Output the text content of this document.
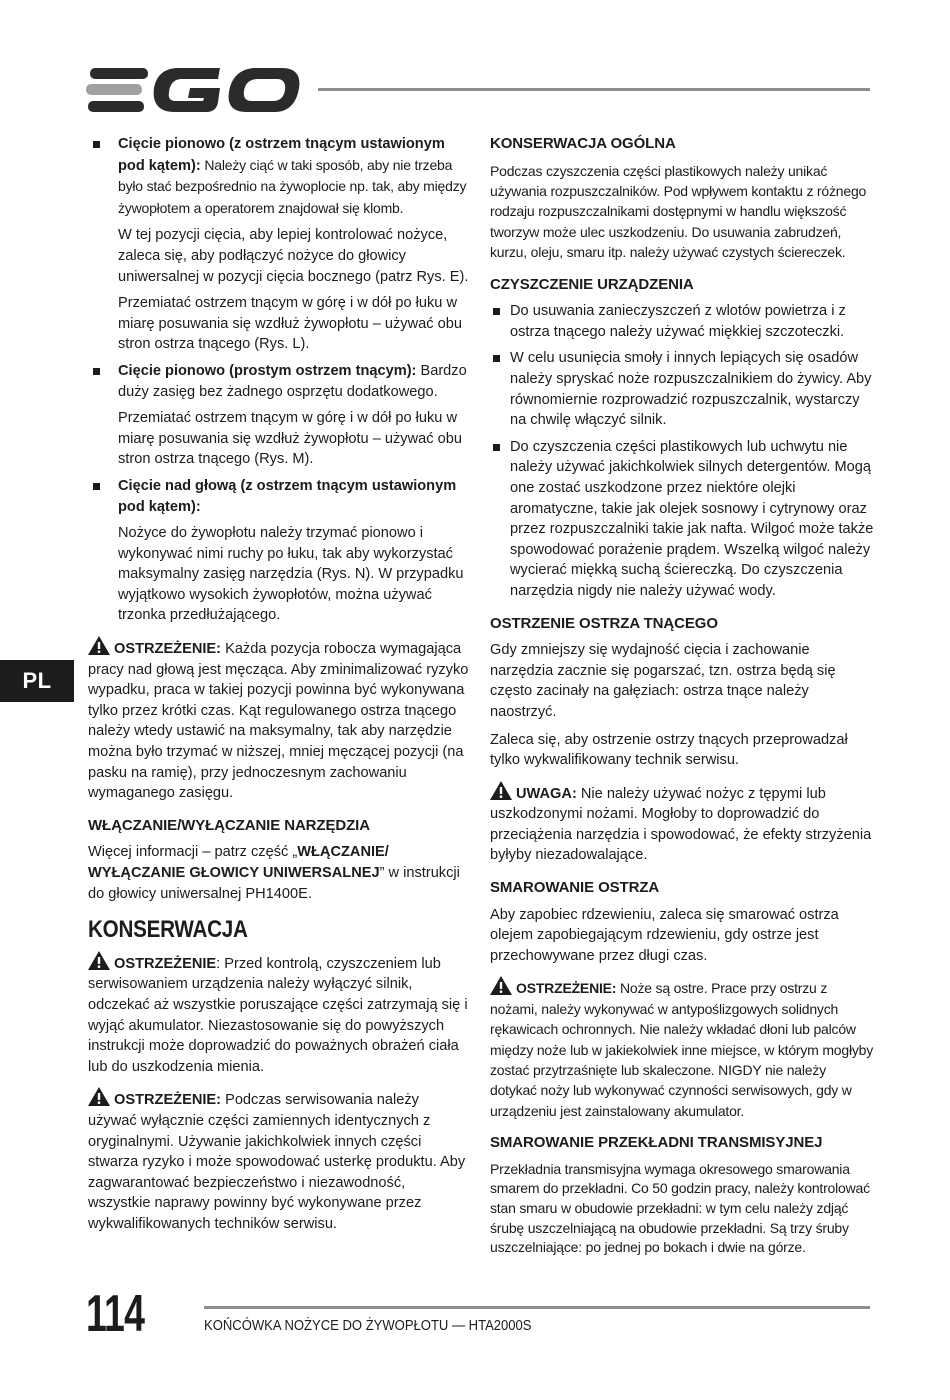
PL

Cięcie pionowo (z ostrzem tnącym ustawionym pod kątem): Należy ciąć w taki sposób, aby nie trzeba było stać bezpośrednio na żywoplocie np. tak, aby między żywopłotem a operatorem znajdował się klomb.

W tej pozycji cięcia, aby lepiej kontrolować nożyce, zaleca się, aby podłączyć nożyce do głowicy uniwersalnej w pozycji cięcia bocznego (patrz Rys. E).

Przemiatać ostrzem tnącym w górę i w dół po łuku w miarę posuwania się wzdłuż żywopłotu – używać obu stron ostrza tnącego (Rys. L).

Cięcie pionowo (prostym ostrzem tnącym): Bardzo duży zasięg bez żadnego osprzętu dodatkowego.

Przemiatać ostrzem tnącym w górę i w dół po łuku w miarę posuwania się wzdłuż żywopłotu – używać obu stron ostrza tnącego (Rys. M).

Cięcie nad głową (z ostrzem tnącym ustawionym pod kątem):

Nożyce do żywopłotu należy trzymać pionowo i wykonywać nimi ruchy po łuku, tak aby wykorzystać maksymalny zasięg narzędzia (Rys. N). W przypadku wyjątkowo wysokich żywopłotów, można używać trzonka przedłużającego.

OSTRZEŻENIE: Każda pozycja robocza wymagająca pracy nad głową jest męcząca. Aby zminimalizować ryzyko wypadku, praca w takiej pozycji powinna być wykonywana tylko przez krótki czas. Kąt regulowanego ostrza tnącego należy wtedy ustawić na maksymalny, tak aby narzędzie można było trzymać w niższej, mniej męczącej pozycji (na pasku na ramię), przy jednoczesnym zachowaniu wymaganego zasięgu.
WŁĄCZANIE/WYŁĄCZANIE NARZĘDZIA

Więcej informacji – patrz część „WŁĄCZANIE/ WYŁĄCZANIE GŁOWICY UNIWERSALNEJ” w instrukcji do głowicy uniwersalnej PH1400E.

KONSERWACJA
OSTRZEŻENIE: Przed kontrolą, czyszczeniem lub serwisowaniem urządzenia należy wyłączyć silnik, odczekać aż wszystkie poruszające części zatrzymają się i wyjąć akumulator. Niezastosowanie się do powyższych instrukcji może doprowadzić do poważnych obrażeń ciała lub do uszkodzenia mienia.
OSTRZEŻENIE: Podczas serwisowania należy używać wyłącznie części zamiennych identycznych z oryginalnymi. Używanie jakichkolwiek innych części stwarza ryzyko i może spowodować usterkę produktu. Aby zagwarantować bezpieczeństwo i niezawodność, wszystkie naprawy powinny być wykonywane przez wykwalifikowanych techników serwisu.
KONSERWACJA OGÓLNA

Podczas czyszczenia części plastikowych należy unikać używania rozpuszczalników. Pod wpływem kontaktu z różnego rodzaju rozpuszczalnikami dostępnymi w handlu większość tworzyw może ulec uszkodzeniu. Do usuwania zabrudzeń, kurzu, oleju, smaru itp. należy używać czystych ściereczek.

CZYSZCZENIE URZĄDZENIA
Do usuwania zanieczyszczeń z wlotów powietrza i z ostrza tnącego należy używać miękkiej szczoteczki.
W celu usunięcia smoły i innych lepiących się osadów należy spryskać noże rozpuszczalnikiem do żywicy. Aby równomiernie rozprowadzić rozpuszczalnik, wystarczy na chwilę włączyć silnik.
Do czyszczenia części plastikowych lub uchwytu nie należy używać jakichkolwiek silnych detergentów. Mogą one zostać uszkodzone przez niektóre olejki aromatyczne, takie jak olejek sosnowy i cytrynowy oraz przez rozpuszczalniki takie jak nafta. Wilgoć może także spowodować porażenie prądem. Wszelką wilgoć należy wycierać miękką suchą ściereczką. Do czyszczenia narzędzia nigdy nie należy używać wody.
OSTRZENIE OSTRZA TNĄCEGO

Gdy zmniejszy się wydajność cięcia i zachowanie narzędzia zacznie się pogarszać, tzn. ostrza będą się często zacinały na gałęziach: ostrza tnące należy naostrzyć.

Zaleca się, aby ostrzenie ostrzy tnących przeprowadzał tylko wykwalifikowany technik serwisu.

UWAGA: Nie należy używać nożyc z tępymi lub uszkodzonymi nożami. Mogłoby to doprowadzić do przeciążenia narzędzia i spowodować, że efekty strzyżenia byłyby niezadowalające.
SMAROWANIE OSTRZA

Aby zapobiec rdzewieniu, zaleca się smarować ostrza olejem zapobiegającym rdzewieniu, gdy ostrze jest przechowywane przez długi czas.

OSTRZEŻENIE: Noże są ostre. Prace przy ostrzu z nożami, należy wykonywać w antypoślizgowych solidnych rękawicach ochronnych. Nie należy wkładać dłoni lub palców między noże lub w jakiekolwiek inne miejsce, w którym mogłyby zostać przytrzaśnięte lub skaleczone. NIGDY nie należy dotykać noży lub wykonywać czynności serwisowych, gdy w urządzeniu jest zainstalowany akumulator.
SMAROWANIE PRZEKŁADNI TRANSMISYJNEJ

Przekładnia transmisyjna wymaga okresowego smarowania smarem do przekładni. Co 50 godzin pracy, należy kontrolować stan smaru w obudowie przekładni: w tym celu należy zdjąć śrubę uszczelniającą na obudowie przekładni. Są trzy śruby uszczelniające: po jednej po bokach i dwie na górze.

114	KOŃCÓWKA NOŻYCE DO ŻYWOPŁOTU — HTA2000S
